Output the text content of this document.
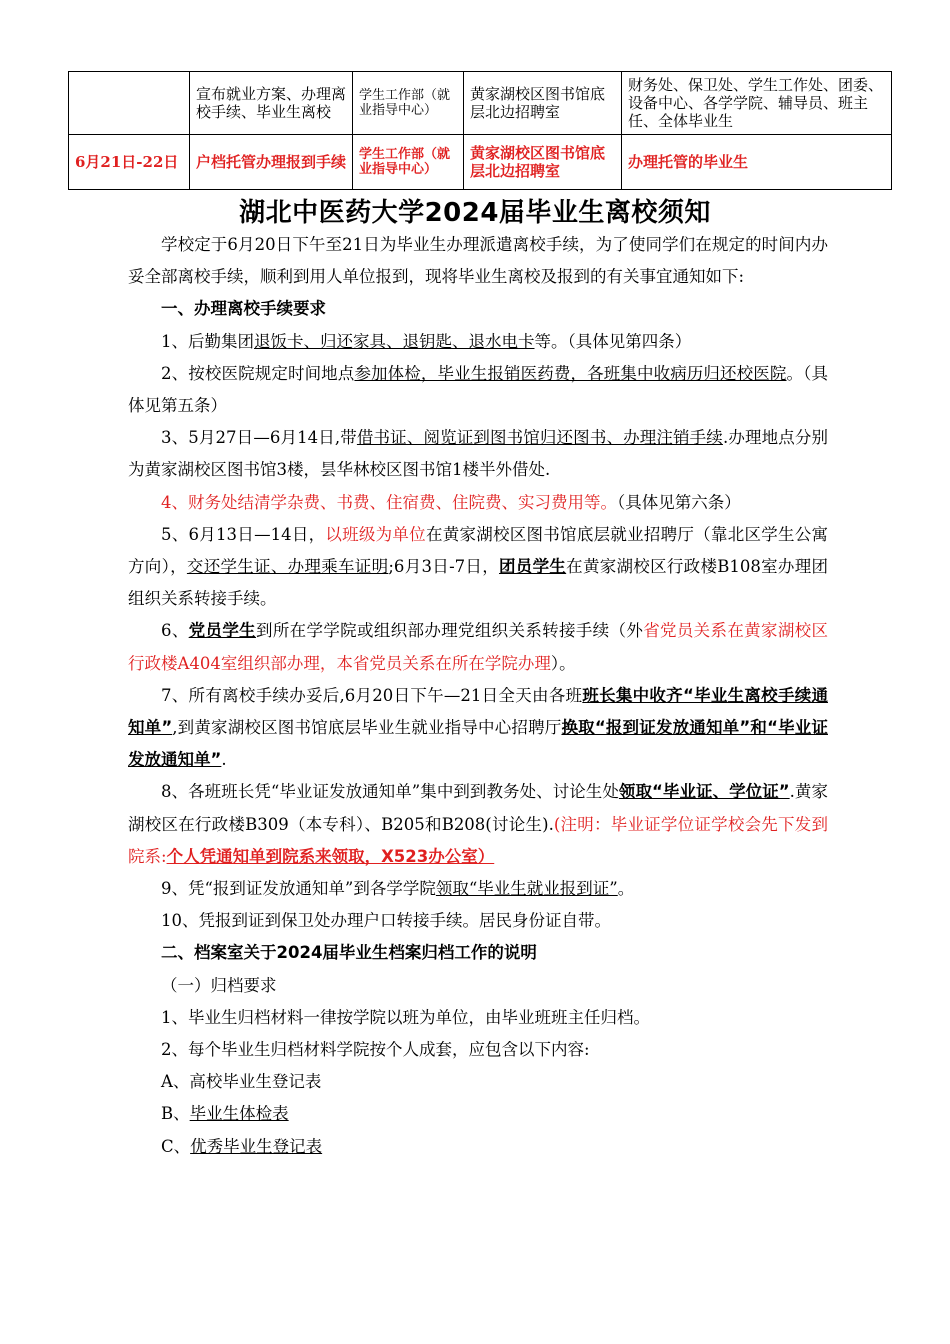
	宣布就业方案、办理离校手续、毕业生离校	学生工作部（就业指导中心）	黄家湖校区图书馆底层北边招聘室	财务处、保卫处、学生工作处、团委、设备中心、各学学院、辅导员、班主任、全体毕业生
6月21日-22日	户档托管办理报到手续	学生工作部（就业指导中心）	黄家湖校区图书馆底层北边招聘室	办理托管的毕业生
湖北中医药大学2024届毕业生离校须知

学校定于6月20日下午至21日为毕业生办理派遣离校手续，为了使同学们在规定的时间内办妥全部离校手续，顺利到用人单位报到，现将毕业生离校及报到的有关事宜通知如下:

一、办理离校手续要求

1、后勤集团退饭卡、归还家具、退钥匙、退水电卡等。（具体见第四条）

2、按校医院规定时间地点参加体检，毕业生报销医药费，各班集中收病历归还校医院。（具体见第五条）

3、5月27日—6月14日,带借书证、阅览证到图书馆归还图书、办理注销手续.办理地点分别为黄家湖校区图书馆3楼，昙华林校区图书馆1楼半外借处.

4、财务处结清学杂费、书费、住宿费、住院费、实习费用等。（具体见第六条）

5、6月13日—14日，以班级为单位在黄家湖校区图书馆底层就业招聘厅（靠北区学生公寓方向），交还学生证、办理乘车证明;6月3日-7日，团员学生在黄家湖校区行政楼B108室办理团组织关系转接手续。

6、党员学生到所在学学院或组织部办理党组织关系转接手续（外省党员关系在黄家湖校区行政楼A404室组织部办理，本省党员关系在所在学院办理）。

7、所有离校手续办妥后,6月20日下午—21日全天由各班班长集中收齐“毕业生离校手续通知单”,到黄家湖校区图书馆底层毕业生就业指导中心招聘厅换取“报到证发放通知单”和“毕业证发放通知单”.

8、各班班长凭“毕业证发放通知单”集中到到教务处、讨论生处领取“毕业证、学位证”.黄家湖校区在行政楼B309（本专科）、B205和B208(讨论生).(注明：毕业证学位证学校会先下发到院系:个人凭通知单到院系来领取，X523办公室）

9、凭“报到证发放通知单”到各学学院领取“毕业生就业报到证”。

10、凭报到证到保卫处办理户口转接手续。居民身份证自带。

二、档案室关于2024届毕业生档案归档工作的说明

（一）归档要求

1、毕业生归档材料一律按学院以班为单位，由毕业班班主任归档。

2、每个毕业生归档材料学院按个人成套，应包含以下内容:

A、高校毕业生登记表

B、毕业生体检表

C、优秀毕业生登记表
